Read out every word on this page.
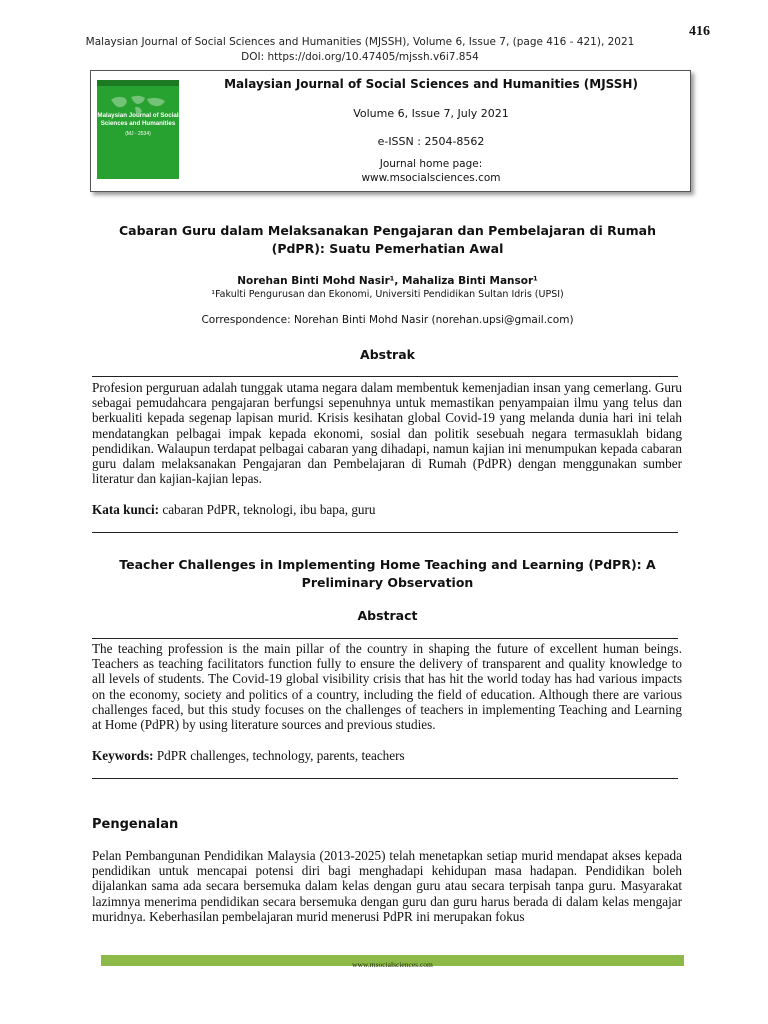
416
Malaysian Journal of Social Sciences and Humanities (MJSSH), Volume 6, Issue 7, (page 416 - 421), 2021
DOI: https://doi.org/10.47405/mjssh.v6i7.854
Malaysian Journal of Social Sciences and Humanities
(MJ - 2534)
Malaysian Journal of Social Sciences and Humanities (MJSSH)
Volume 6, Issue 7, July 2021
e-ISSN : 2504-8562
Journal home page:
www.msocialsciences.com
Cabaran Guru dalam Melaksanakan Pengajaran dan Pembelajaran di Rumah (PdPR): Suatu Pemerhatian Awal
Norehan Binti Mohd Nasir¹, Mahaliza Binti Mansor¹
¹Fakulti Pengurusan dan Ekonomi, Universiti Pendidikan Sultan Idris (UPSI)
Correspondence: Norehan Binti Mohd Nasir (norehan.upsi@gmail.com)
Abstrak
Profesion perguruan adalah tunggak utama negara dalam membentuk kemenjadian insan yang cemerlang. Guru sebagai pemudahcara pengajaran berfungsi sepenuhnya untuk memastikan penyampaian ilmu yang telus dan berkualiti kepada segenap lapisan murid. Krisis kesihatan global Covid-19 yang melanda dunia hari ini telah mendatangkan pelbagai impak kepada ekonomi, sosial dan politik sesebuah negara termasuklah bidang pendidikan. Walaupun terdapat pelbagai cabaran yang dihadapi, namun kajian ini menumpukan kepada cabaran guru dalam melaksanakan Pengajaran dan Pembelajaran di Rumah (PdPR) dengan menggunakan sumber literatur dan kajian-kajian lepas.
Kata kunci: cabaran PdPR, teknologi, ibu bapa, guru
Teacher Challenges in Implementing Home Teaching and Learning (PdPR): A Preliminary Observation
Abstract
The teaching profession is the main pillar of the country in shaping the future of excellent human beings. Teachers as teaching facilitators function fully to ensure the delivery of transparent and quality knowledge to all levels of students. The Covid-19 global visibility crisis that has hit the world today has had various impacts on the economy, society and politics of a country, including the field of education. Although there are various challenges faced, but this study focuses on the challenges of teachers in implementing Teaching and Learning at Home (PdPR) by using literature sources and previous studies.
Keywords: PdPR challenges, technology, parents, teachers
Pengenalan
Pelan Pembangunan Pendidikan Malaysia (2013-2025) telah menetapkan setiap murid mendapat akses kepada pendidikan untuk mencapai potensi diri bagi menghadapi kehidupan masa hadapan. Pendidikan boleh dijalankan sama ada secara bersemuka dalam kelas dengan guru atau secara terpisah tanpa guru. Masyarakat lazimnya menerima pendidikan secara bersemuka dengan guru dan guru harus berada di dalam kelas mengajar muridnya. Keberhasilan pembelajaran murid menerusi PdPR ini merupakan fokus
www.msocialsciences.com
